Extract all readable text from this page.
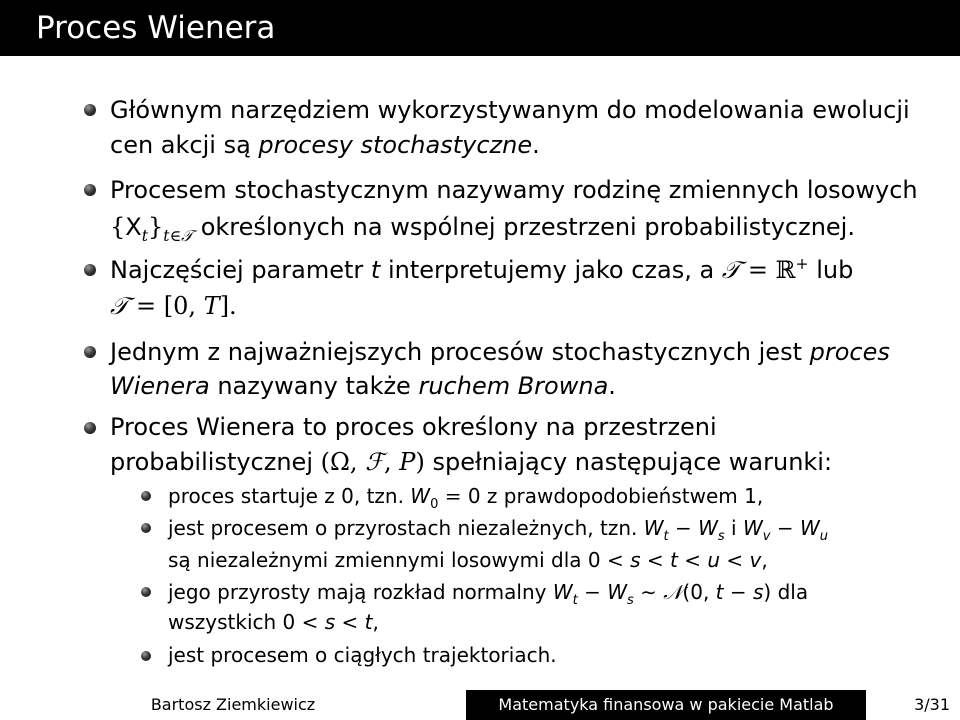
Proces Wienera
Głównym narzędziem wykorzystywanym do modelowania ewolucji
cen akcji są procesy stochastyczne.
Procesem stochastycznym nazywamy rodzinę zmiennych losowych
$\{X_t\}_{t\in 𝒯}$ określonych na wspólnej przestrzeni probabilistycznej.
Najczęściej parametr t interpretujemy jako czas, a 𝒯 = ℝ+ lub
𝒯 = [0, T].
Jednym z najważniejszych procesów stochastycznych jest proces
Wienera nazywany także ruchem Browna.
Proces Wienera to proces określony na przestrzeni
probabilistycznej (Ω, ℱ, P) spełniający następujące warunki:
proces startuje z 0, tzn. $W_0 = 0$ z prawdopodobieństwem 1,
jest procesem o przyrostach niezależnych, tzn. $W_t - W_s$ i $W_v - W_u$
są niezależnymi zmiennymi losowymi dla 0 < s < t < u < v,
jego przyrosty mają rozkład normalny $W_t - W_s$ ∼ 𝒩(0, t − s) dla
wszystkich 0 < s < t,
jest procesem o ciągłych trajektoriach.
Bartosz Ziemkiewicz	Matematyka finansowa w pakiecie Matlab	3/31
